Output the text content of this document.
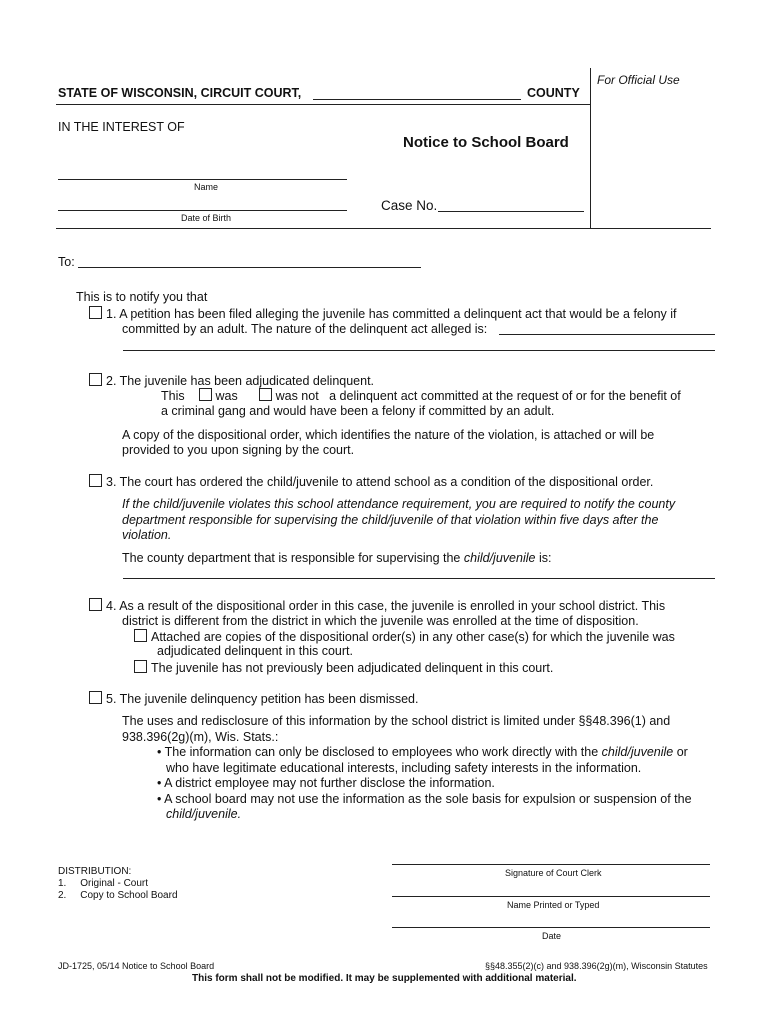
For Official Use
STATE OF WISCONSIN, CIRCUIT COURT,	COUNTY
IN THE INTEREST OF
Notice to School Board
Name
Date of Birth
Case No.
To:
This is to notify you that
1. A petition has been filed alleging the juvenile has committed a delinquent act that would be a felony if
committed by an adult. The nature of the delinquent act alleged is:
2. The juvenile has been adjudicated delinquent.
This was	was not a delinquent act committed at the request of or for the benefit of
a criminal gang and would have been a felony if committed by an adult.
A copy of the dispositional order, which identifies the nature of the violation, is attached or will be
provided to you upon signing by the court.
3. The court has ordered the child/juvenile to attend school as a condition of the dispositional order.
If the child/juvenile violates this school attendance requirement, you are required to notify the county
department responsible for supervising the child/juvenile of that violation within five days after the
violation.
The county department that is responsible for supervising the child/juvenile is:
4. As a result of the dispositional order in this case, the juvenile is enrolled in your school district. This
district is different from the district in which the juvenile was enrolled at the time of disposition.
Attached are copies of the dispositional order(s) in any other case(s) for which the juvenile was
adjudicated delinquent in this court.
The juvenile has not previously been adjudicated delinquent in this court.
5. The juvenile delinquency petition has been dismissed.
The uses and redisclosure of this information by the school district is limited under §§48.396(1) and
938.396(2g)(m), Wis. Stats.:
• The information can only be disclosed to employees who work directly with the child/juvenile or
who have legitimate educational interests, including safety interests in the information.
• A district employee may not further disclose the information.
• A school board may not use the information as the sole basis for expulsion or suspension of the
child/juvenile.
DISTRIBUTION:
1.     Original - Court
2.     Copy to School Board
Signature of Court Clerk
Name Printed or Typed
Date
JD-1725, 05/14 Notice to School Board	§§48.355(2)(c) and 938.396(2g)(m), Wisconsin Statutes
This form shall not be modified. It may be supplemented with additional material.
